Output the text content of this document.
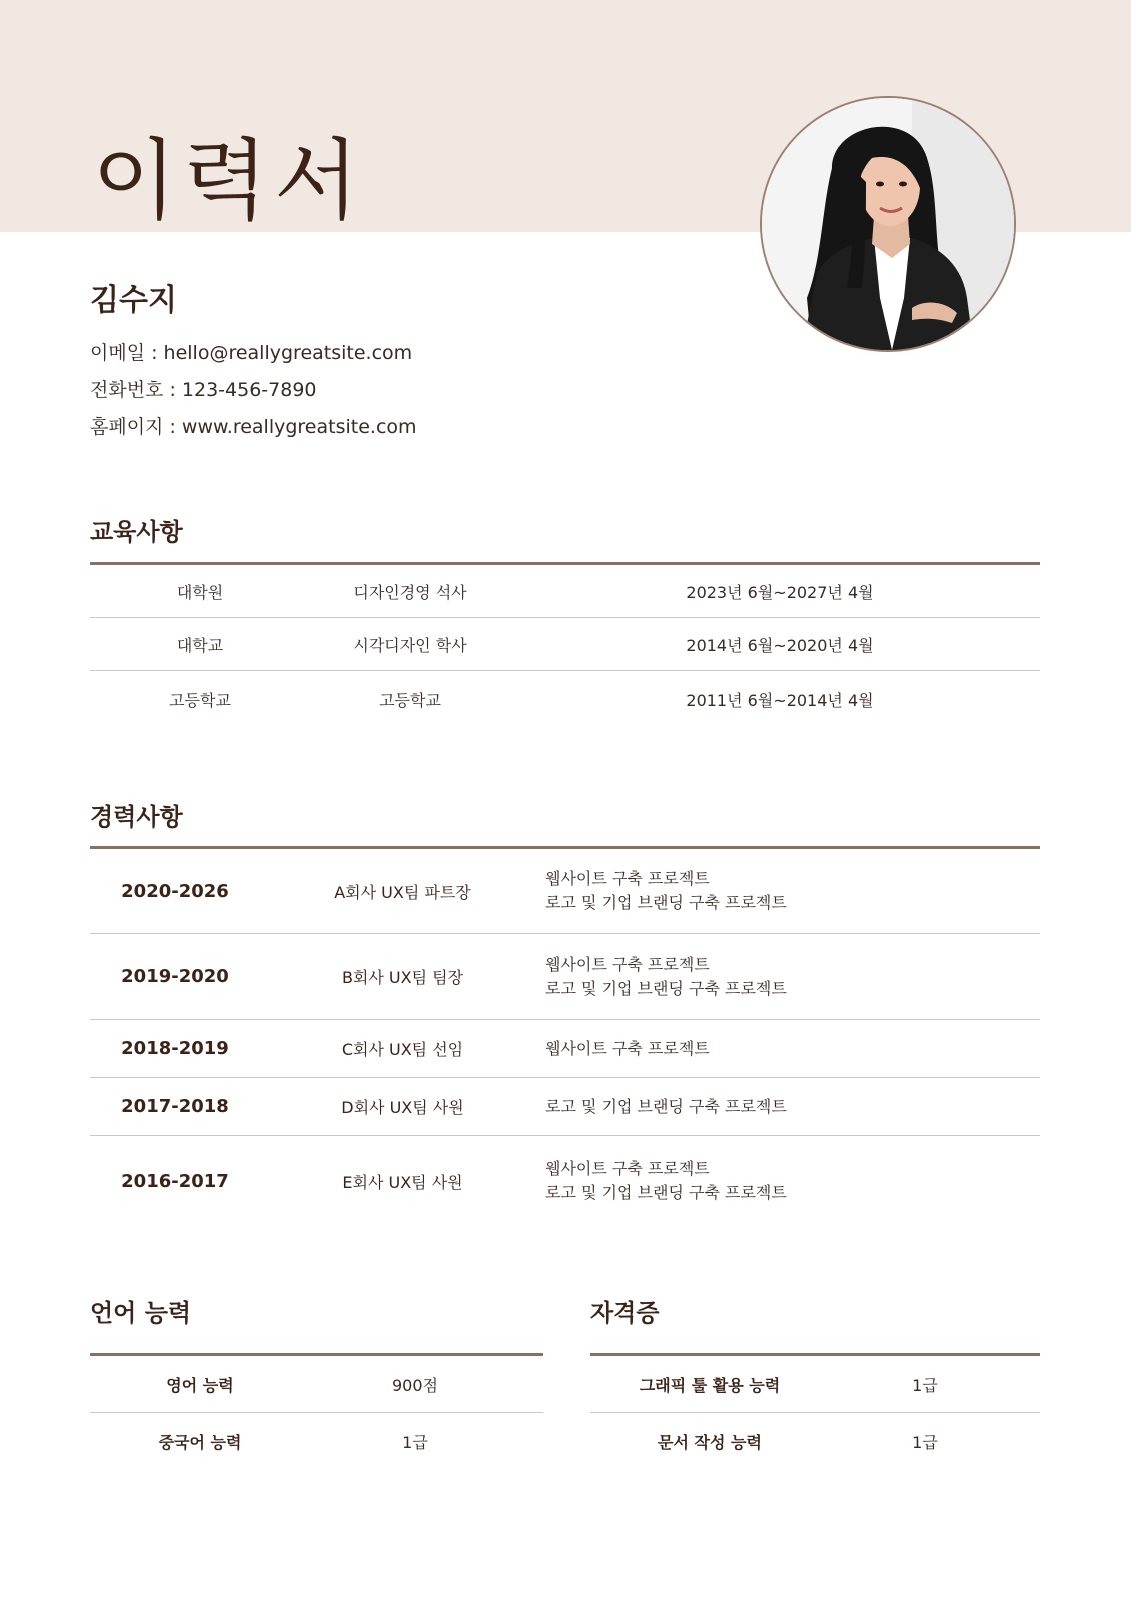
이력서
김수지
이메일 : hello@reallygreatsite.com
전화번호 : 123-456-7890
홈페이지 : www.reallygreatsite.com
교육사항
대학원	디자인경영 석사	2023년 6월~2027년 4월
대학교	시각디자인 학사	2014년 6월~2020년 4월
고등학교	고등학교	2011년 6월~2014년 4월
경력사항
2020-2026	A회사 UX팀 파트장
웹사이트 구축 프로젝트
로고 및 기업 브랜딩 구축 프로젝트
2019-2020	B회사 UX팀 팀장
웹사이트 구축 프로젝트
로고 및 기업 브랜딩 구축 프로젝트
2018-2019	C회사 UX팀 선임	웹사이트 구축 프로젝트
2017-2018	D회사 UX팀 사원	로고 및 기업 브랜딩 구축 프로젝트
2016-2017	E회사 UX팀 사원
웹사이트 구축 프로젝트
로고 및 기업 브랜딩 구축 프로젝트
언어 능력
영어 능력	900점
중국어 능력	1급
자격증
그래픽 툴 활용 능력	1급
문서 작성 능력	1급
